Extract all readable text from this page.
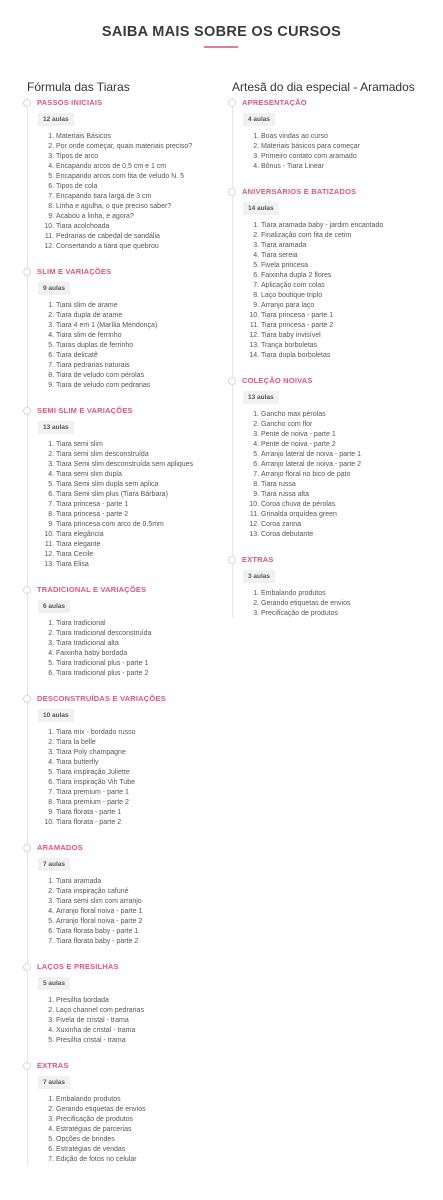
SAIBA MAIS SOBRE OS CURSOS
Fórmula das Tiaras
PASSOS INICIAIS
12 aulas
1. Materiais Básicos
2. Por onde começar, quais materiais preciso?
3. Tipos de arco
4. Encapando arcos de 0,5 cm e 1 cm
5. Encapando arcos com fita de veludo N. 5
6. Tipos de cola
7. Encapando tiara larga de 3 cm
8. Linha e agulha, o que preciso saber?
9. Acabou a linha, e agora?
10. Tiara acolchoada
11. Pedrarias de cabedal de sandália
12. Consertando a tiara que quebrou
SLIM E VARIAÇÕES
9 aulas
1. Tiara slim de arame
2. Tiara dupla de arame
3. Tiara 4 em 1 (Marília Mendonça)
4. Tiara slim de ferrinho
5. Tiaras duplas de ferrinho
6. Tiara delicatê
7. Tiara pedrarias naturais
8. Tiara de veludo com pérolas
9. Tiara de veludo com pedrarias
SEMI SLIM E VARIAÇÕES
13 aulas
1. Tiara semi slim
2. Tiara semi slim desconstruída
3. Tiara Semi slim desconstruída sem apliques
4. Tiara semi slim dupla
5. Tiara Semi slim dupla sem aplica
6. Tiara Semi slim plus (Tiara Bárbara)
7. Tiara princesa - parte 1
8. Tiara princesa - parte 2
9. Tiara princesa com arco de 0.5mm
10. Tiara elegância
11. Tiara elegante
12. Tiara Cecile
13. Tiara Elisa
TRADICIONAL E VARIAÇÕES
6 aulas
1. Tiara tradicional
2. Tiara tradicional desconstruída
3. Tiara tradicional alta
4. Faixinha baby bordada
5. Tiara tradicional plus - parte 1
6. Tiara tradicional plus - parte 2
DESCONSTRUÍDAS E VARIAÇÕES
10 aulas
1. Tiara mix - bordado russo
2. Tiara la belle
3. Tiara Poly champagne
4. Tiara butterfly
5. Tiara inspiração Juliette
6. Tiara inspiração Vih Tube
7. Tiara premium - parte 1
8. Tiara premium - parte 2
9. Tiara florata - parte 1
10. Tiara florata - parte 2
ARAMADOS
7 aulas
1. Tiara aramada
2. Tiara inspiração cafuné
3. Tiara semi slim com arranjo
4. Arranjo floral noiva - parte 1
5. Arranjo floral noiva - parte 2
6. Tiara florata baby - parte 1
7. Tiara florata baby - parte 2
LAÇOS E PRESILHAS
5 aulas
1. Presilha bordada
2. Laço channel com pedrarias
3. Fivela de cristal - trama
4. Xuxinha de cristal - trama
5. Presilha cristal - trama
EXTRAS
7 aulas
1. Embalando produtos
2. Gerando etiquetas de envios
3. Precificação de produtos
4. Estratégias de parcerias
5. Opções de brindes
6. Estratégias de vendas
7. Edição de fotos no celular
Artesã do dia especial - Aramados
APRESENTAÇÃO
4 aulas
1. Boas vindas ao curso
2. Materiais básicos para começar
3. Primeiro contato com aramado
4. Bônus - Tiara Linear
ANIVERSÁRIOS E BATIZADOS
14 aulas
1. Tiara aramada baby - jardim encantado
2. Finalização com fita de cetim
3. Tiara aramada
4. Tiara sereia
5. Fivela princesa
6. Faixinha dupla 2 flores
7. Aplicação com colas
8. Laço boutique triplo
9. Arranjo para laço
10. Tiara princesa - parte 1
11. Tiara princesa - parte 2
12. Tiara baby invisível
13. Trança borboletas
14. Tiara dupla borboletas
COLEÇÃO NOIVAS
13 aulas
1. Gancho max pérolas
2. Gancho com flor
3. Pente de noiva - parte 1
4. Pente de noiva - parte 2
5. Arranjo lateral de noiva - parte 1
6. Arranjo lateral de noiva - parte 2
7. Arranjo floral no bico de pato
8. Tiara russa
9. Tiara russa alta
10. Coroa chuva de pérolas
11. Grinalda orquídea green
12. Coroa zanna
13. Coroa debutante
EXTRAS
3 aulas
1. Embalando produtos
2. Gerando etiquetas de envios
3. Precificação de produtos
